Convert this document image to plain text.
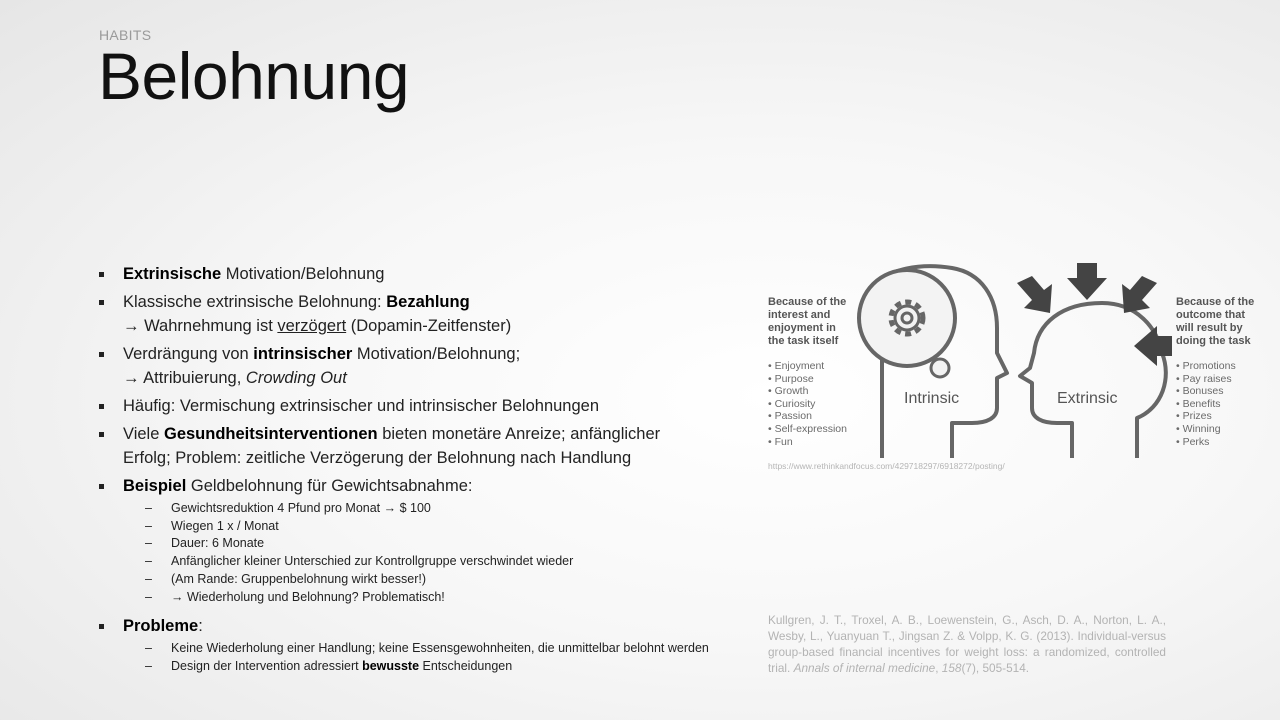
HABITS
Belohnung
Extrinsische Motivation/Belohnung
Klassische extrinsische Belohnung: Bezahlung
→ Wahrnehmung ist verzögert (Dopamin-Zeitfenster)
Verdrängung von intrinsischer Motivation/Belohnung;
→ Attribuierung, Crowding Out
Häufig: Vermischung extrinsischer und intrinsischer Belohnungen
Viele Gesundheitsinterventionen bieten monetäre Anreize; anfänglicher
Erfolg; Problem: zeitliche Verzögerung der Belohnung nach Handlung
Beispiel Geldbelohnung für Gewichtsabnahme:
– Gewichtsreduktion 4 Pfund pro Monat → $ 100
– Wiegen 1 x / Monat
– Dauer: 6 Monate
– Anfänglicher kleiner Unterschied zur Kontrollgruppe verschwindet wieder
– (Am Rande: Gruppenbelohnung wirkt besser!)
– → Wiederholung und Belohnung? Problematisch!
Probleme:
– Keine Wiederholung einer Handlung; keine Essensgewohnheiten, die unmittelbar belohnt werden
– Design der Intervention adressiert bewusste Entscheidungen
Because of the
interest and
enjoyment in
the task itself
• Enjoyment
• Purpose
• Growth
• Curiosity
• Passion
• Self-expression
• Fun
Intrinsic	Extrinsic
Because of the
outcome that
will result by
doing the task
• Promotions
• Pay raises
• Bonuses
• Benefits
• Prizes
• Winning
• Perks
https://www.rethinkandfocus.com/429718297/6918272/posting/
Kullgren, J. T., Troxel, A. B., Loewenstein, G., Asch, D. A., Norton, L. A., Wesby, L., Yuanyuan T., Jingsan Z. & Volpp, K. G. (2013). Individual-versus group-based financial incentives for weight loss: a randomized, controlled trial. Annals of internal medicine, 158(7), 505-514.
